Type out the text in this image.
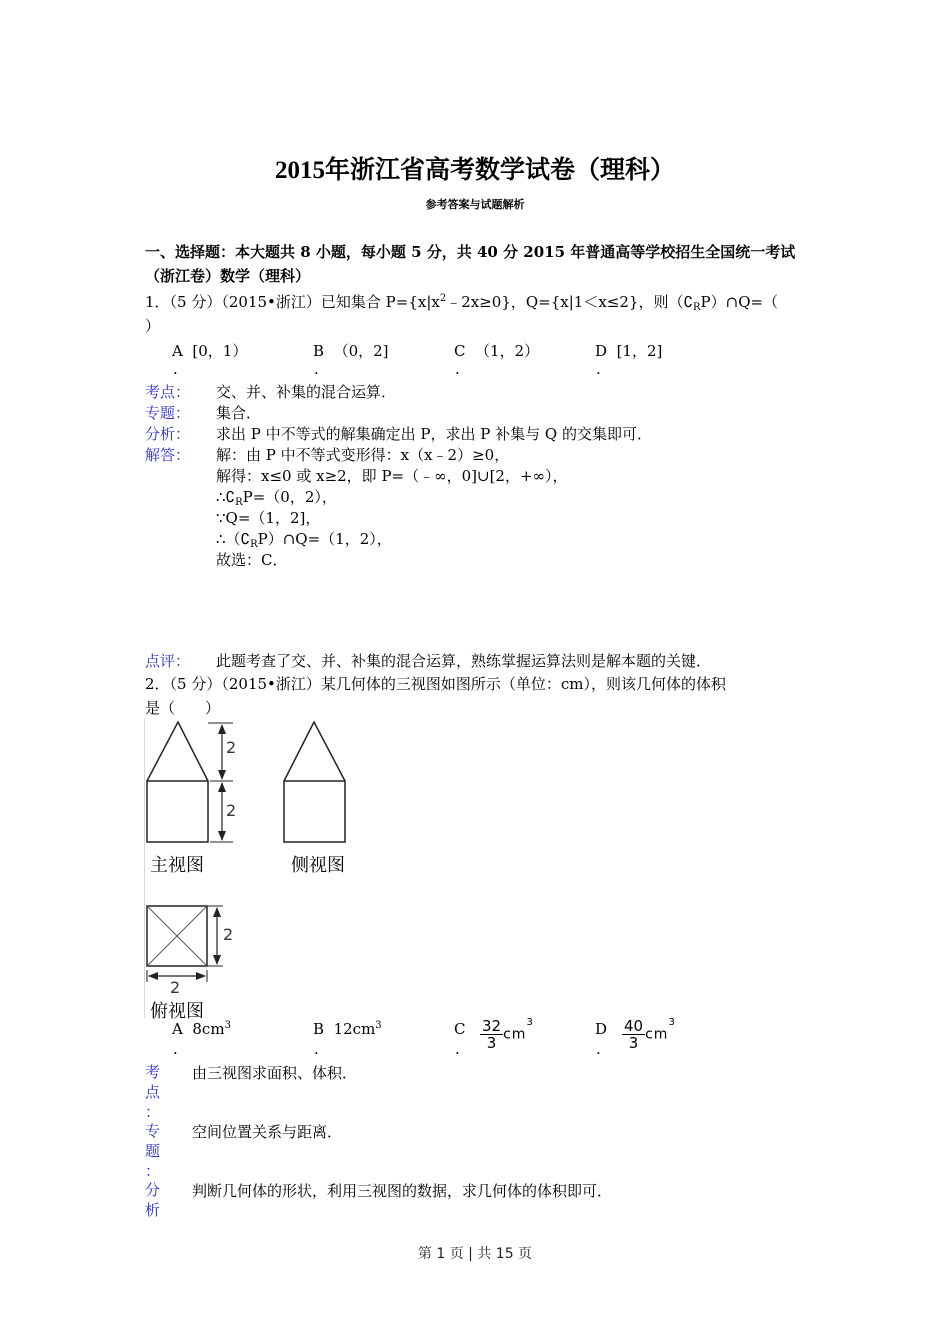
2015年浙江省高考数学试卷（理科）
参考答案与试题解析
一、选择题：本大题共 8 小题，每小题 5 分，共 40 分 2015 年普通高等学校招生全国统一考试（浙江卷）数学（理科）
1．（5 分）（2015•浙江）已知集合 $P=\{x|x^2﹣2x\ge 0\}$，Q={x|1＜x≤2}，则$(∁_RP)\cap Q=$（
）
A [0，1）
.
B （0，2]
.
C （1，2）
.
D [1，2]
.
考点： 交、并、补集的混合运算．
专题： 集合．
分析： 求出 P 中不等式的解集确定出 P，求出 P 补集与 Q 的交集即可．
解答： 解：由 P 中不等式变形得：x（x﹣2）≥0，
解得：x≤0 或 x≥2，即 P=（﹣∞，0]∪[2，+∞），
$\therefore∁_RP=(0$，2），
∵Q=（1，2]，
$\therefore(∁_RP)\cap Q=(1$，2），
故选：C．
点评： 此题考查了交、并、补集的混合运算，熟练掌握运算法则是解本题的关键．
2．（5 分）（2015•浙江）某几何体的三视图如图所示（单位：cm），则该几何体的体积
是（　　）
2
2
主视图	侧视图
2
2
俯视图
A $8cm^3$
.
B $12cm^3$
.
C $\frac{32}{3} cm^3$
.
D $\frac{40}{3} cm^3$
.
考
点
：
由三视图求面积、体积．
专
题
：
空间位置关系与距离．
分
析
判断几何体的形状，利用三视图的数据，求几何体的体积即可．
第 1 页 | 共 15 页
